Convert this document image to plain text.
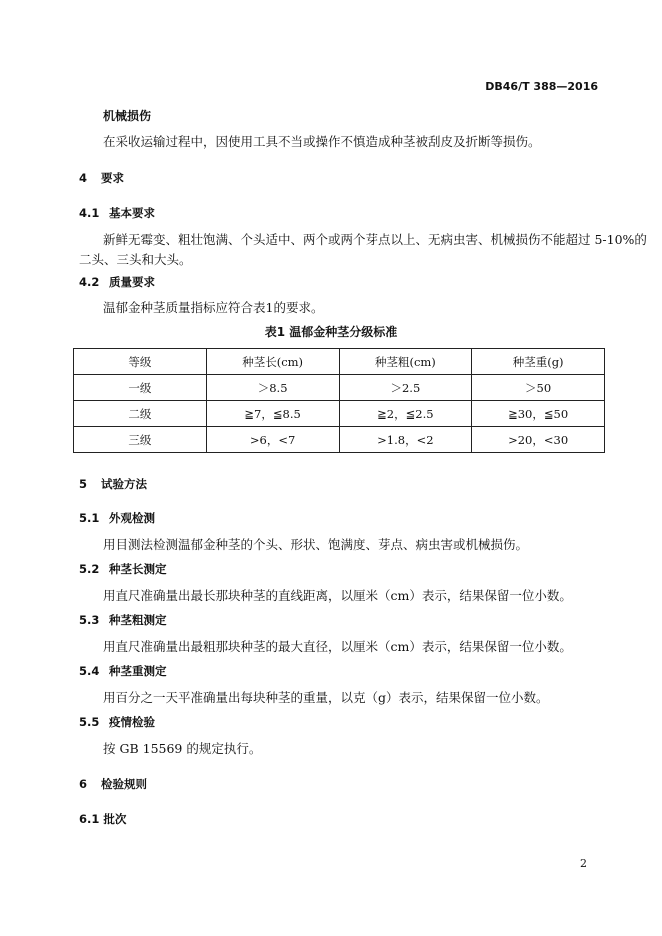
DB46/T 388—2016
机械损伤
在采收运输过程中，因使用工具不当或操作不慎造成种茎被刮皮及折断等损伤。
4 要求
4.1 基本要求
新鲜无霉变、粗壮饱满、个头适中、两个或两个芽点以上、无病虫害、机械损伤不能超过 5-10%的
二头、三头和大头。
4.2 质量要求
温郁金种茎质量指标应符合表1的要求。
表1 温郁金种茎分级标准
等级	种茎长(cm)	种茎粗(cm)	种茎重(g)
一级	＞8.5	＞2.5	＞50
二级	≧7，≦8.5	≧2，≦2.5	≧30，≦50
三级	>6，<7	>1.8，<2	>20，<30
5 试验方法
5.1 外观检测
用目测法检测温郁金种茎的个头、形状、饱满度、芽点、病虫害或机械损伤。
5.2 种茎长测定
用直尺准确量出最长那块种茎的直线距离，以厘米（cm）表示，结果保留一位小数。
5.3 种茎粗测定
用直尺准确量出最粗那块种茎的最大直径，以厘米（cm）表示，结果保留一位小数。
5.4 种茎重测定
用百分之一天平准确量出每块种茎的重量，以克（g）表示，结果保留一位小数。
5.5 疫情检验
按 GB 15569 的规定执行。
6 检验规则
6.1 批次
2
